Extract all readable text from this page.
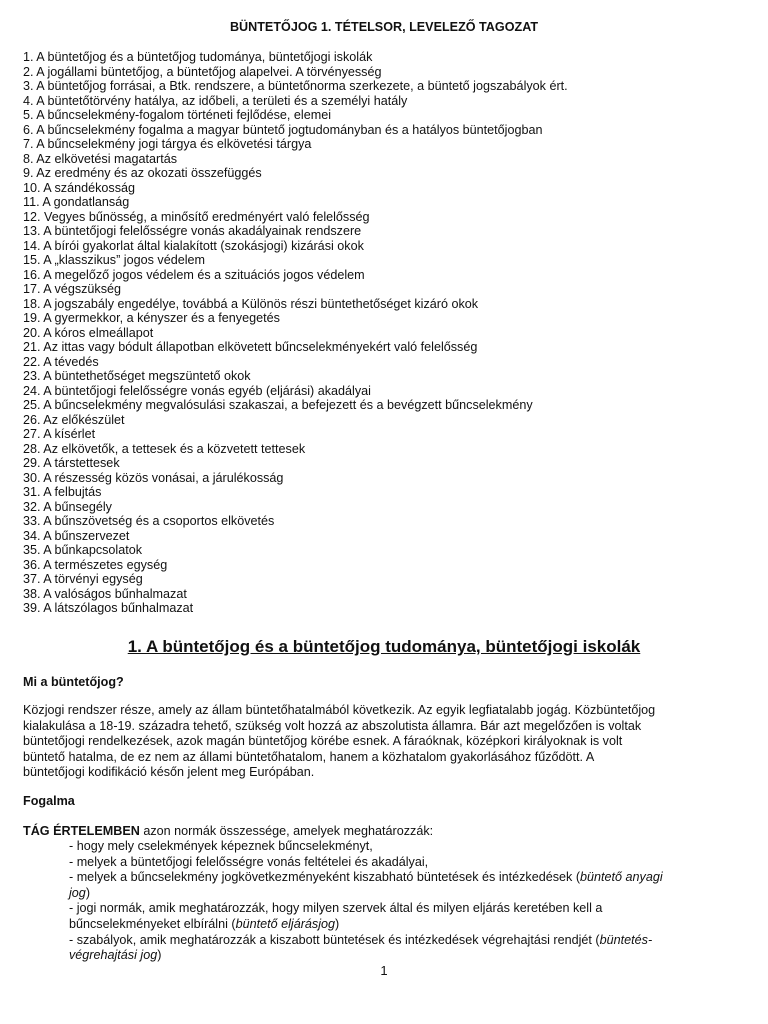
BÜNTETŐJOG 1. TÉTELSOR, LEVELEZŐ TAGOZAT
1. A büntetőjog és a büntetőjog tudománya, büntetőjogi iskolák
2. A jogállami büntetőjog, a büntetőjog alapelvei. A törvényesség
3. A büntetőjog forrásai, a Btk. rendszere, a büntetőnorma szerkezete, a büntető jogszabályok ért.
4. A büntetőtörvény hatálya, az időbeli, a területi és a személyi hatály
5. A bűncselekmény-fogalom történeti fejlődése, elemei
6. A bűncselekmény fogalma a magyar büntető jogtudományban és a hatályos büntetőjogban
7. A bűncselekmény jogi tárgya és elkövetési tárgya
8. Az elkövetési magatartás
9. Az eredmény és az okozati összefüggés
10. A szándékosság
11. A gondatlanság
12. Vegyes bűnösség, a minősítő eredményért való felelősség
13. A büntetőjogi felelősségre vonás akadályainak rendszere
14. A bírói gyakorlat által kialakított (szokásjogi) kizárási okok
15. A „klasszikus” jogos védelem
16. A megelőző jogos védelem és a szituációs jogos védelem
17. A végszükség
18. A jogszabály engedélye, továbbá a Különös részi büntethetőséget kizáró okok
19. A gyermekkor, a kényszer és a fenyegetés
20. A kóros elmeállapot
21. Az ittas vagy bódult állapotban elkövetett bűncselekményekért való felelősség
22. A tévedés
23. A büntethetőséget megszüntető okok
24. A büntetőjogi felelősségre vonás egyéb (eljárási) akadályai
25. A bűncselekmény megvalósulási szakaszai, a befejezett és a bevégzett bűncselekmény
26. Az előkészület
27. A kísérlet
28. Az elkövetők, a tettesek és a közvetett tettesek
29. A társtettesek
30. A részesség közös vonásai, a járulékosság
31. A felbujtás
32. A bűnsegély
33. A bűnszövetség és a csoportos elkövetés
34. A bűnszervezet
35. A bűnkapcsolatok
36. A természetes egység
37. A törvényi egység
38. A valóságos bűnhalmazat
39. A látszólagos bűnhalmazat
1. A büntetőjog és a büntetőjog tudománya, büntetőjogi iskolák
Mi a büntetőjog?
Közjogi rendszer része, amely az állam büntetőhatalmából következik. Az egyik legfiatalabb jogág. Közbüntetőjog
kialakulása a 18-19. századra tehető, szükség volt hozzá az abszolutista államra. Bár azt megelőzően is voltak
büntetőjogi rendelkezések, azok magán büntetőjog körébe esnek. A fáraóknak, középkori királyoknak is volt
büntető hatalma, de ez nem az állami büntetőhatalom, hanem a közhatalom gyakorlásához fűződött. A
büntetőjogi kodifikáció későn jelent meg Európában.
Fogalma
TÁG ÉRTELEMBEN azon normák összessége, amelyek meghatározzák:
- hogy mely cselekmények képeznek bűncselekményt,
- melyek a büntetőjogi felelősségre vonás feltételei és akadályai,
- melyek a bűncselekmény jogkövetkezményeként kiszabható büntetések és intézkedések (büntető anyagi
jog)
- jogi normák, amik meghatározzák, hogy milyen szervek által és milyen eljárás keretében kell a
bűncselekményeket elbírálni (büntető eljárásjog)
- szabályok, amik meghatározzák a kiszabott büntetések és intézkedések végrehajtási rendjét (büntetés-
végrehajtási jog)
1
